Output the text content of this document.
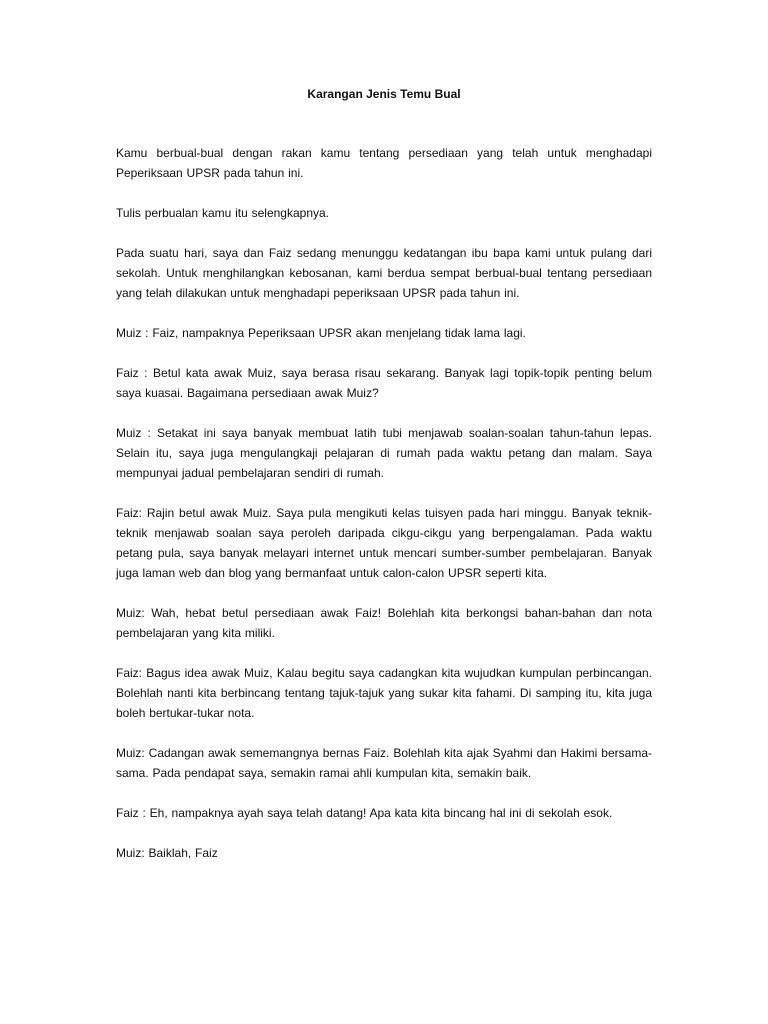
Karangan Jenis Temu Bual

Kamu berbual-bual dengan rakan kamu tentang persediaan yang telah untuk menghadapi Peperiksaan UPSR pada tahun ini.

Tulis perbualan kamu itu selengkapnya.

Pada suatu hari, saya dan Faiz sedang menunggu kedatangan ibu bapa kami untuk pulang dari sekolah. Untuk menghilangkan kebosanan, kami berdua sempat berbual-bual tentang persediaan yang telah dilakukan untuk menghadapi peperiksaan UPSR pada tahun ini.

Muiz : Faiz, nampaknya Peperiksaan UPSR akan menjelang tidak lama lagi.

Faiz : Betul kata awak Muiz, saya berasa risau sekarang. Banyak lagi topik-topik penting belum saya kuasai. Bagaimana persediaan awak Muiz?

Muiz : Setakat ini saya banyak membuat latih tubi menjawab soalan-soalan tahun-tahun lepas. Selain itu, saya juga mengulangkaji pelajaran di rumah pada waktu petang dan malam. Saya mempunyai jadual pembelajaran sendiri di rumah.

Faiz: Rajin betul awak Muiz. Saya pula mengikuti kelas tuisyen pada hari minggu. Banyak teknik- teknik menjawab soalan saya peroleh daripada cikgu-cikgu yang berpengalaman. Pada waktu petang pula, saya banyak melayari internet untuk mencari sumber-sumber pembelajaran. Banyak juga laman web dan blog yang bermanfaat untuk calon-calon UPSR seperti kita.

Muiz: Wah, hebat betul persediaan awak Faiz! Bolehlah kita berkongsi bahan-bahan dan nota pembelajaran yang kita miliki.

Faiz: Bagus idea awak Muiz, Kalau begitu saya cadangkan kita wujudkan kumpulan perbincangan. Bolehlah nanti kita berbincang tentang tajuk-tajuk yang sukar kita fahami. Di samping itu, kita juga boleh bertukar-tukar nota.

Muiz: Cadangan awak sememangnya bernas Faiz. Bolehlah kita ajak Syahmi dan Hakimi bersama-sama. Pada pendapat saya, semakin ramai ahli kumpulan kita, semakin baik.

Faiz : Eh, nampaknya ayah saya telah datang! Apa kata kita bincang hal ini di sekolah esok.

Muiz: Baiklah, Faiz
